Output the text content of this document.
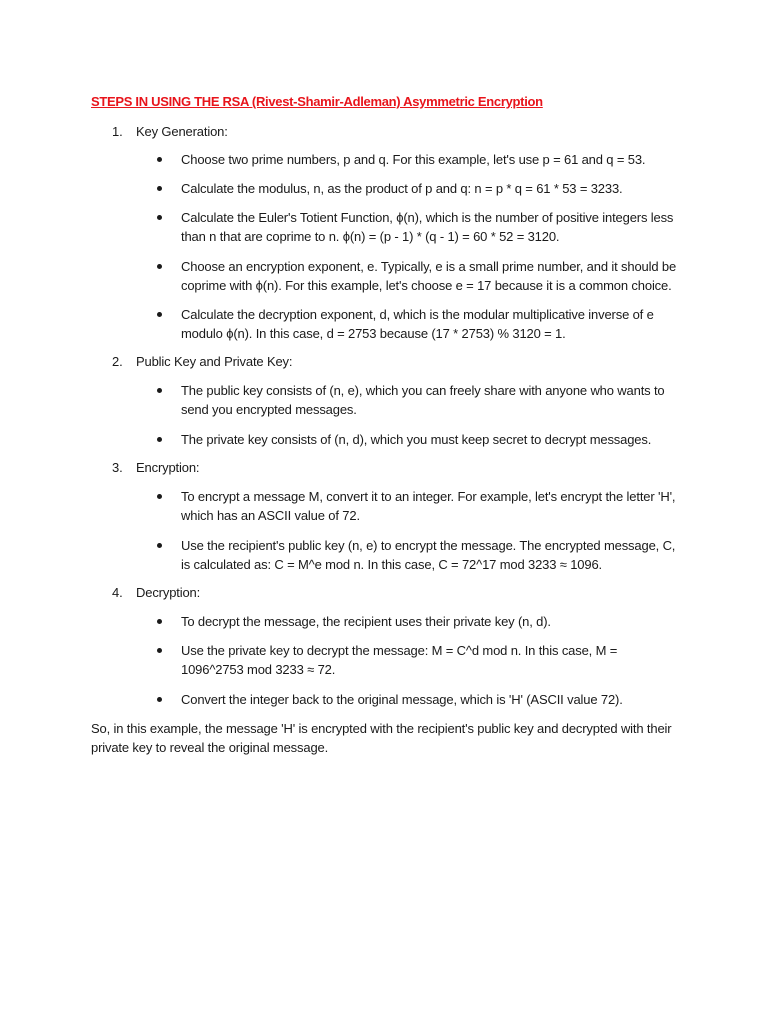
STEPS IN USING THE RSA (Rivest-Shamir-Adleman) Asymmetric Encryption
1. Key Generation:
Choose two prime numbers, p and q. For this example, let's use p = 61 and q = 53.
Calculate the modulus, n, as the product of p and q: n = p * q = 61 * 53 = 3233.
Calculate the Euler's Totient Function, ϕ(n), which is the number of positive integers less than n that are coprime to n. ϕ(n) = (p - 1) * (q - 1) = 60 * 52 = 3120.
Choose an encryption exponent, e. Typically, e is a small prime number, and it should be coprime with ϕ(n). For this example, let's choose e = 17 because it is a common choice.
Calculate the decryption exponent, d, which is the modular multiplicative inverse of e modulo ϕ(n). In this case, d = 2753 because (17 * 2753) % 3120 = 1.
2. Public Key and Private Key:
The public key consists of (n, e), which you can freely share with anyone who wants to send you encrypted messages.
The private key consists of (n, d), which you must keep secret to decrypt messages.
3. Encryption:
To encrypt a message M, convert it to an integer. For example, let's encrypt the letter 'H', which has an ASCII value of 72.
Use the recipient's public key (n, e) to encrypt the message. The encrypted message, C, is calculated as: C = M^e mod n. In this case, C = 72^17 mod 3233 ≈ 1096.
4. Decryption:
To decrypt the message, the recipient uses their private key (n, d).
Use the private key to decrypt the message: M = C^d mod n. In this case, M = 1096^2753 mod 3233 ≈ 72.
Convert the integer back to the original message, which is 'H' (ASCII value 72).
So, in this example, the message 'H' is encrypted with the recipient's public key and decrypted with their private key to reveal the original message.
